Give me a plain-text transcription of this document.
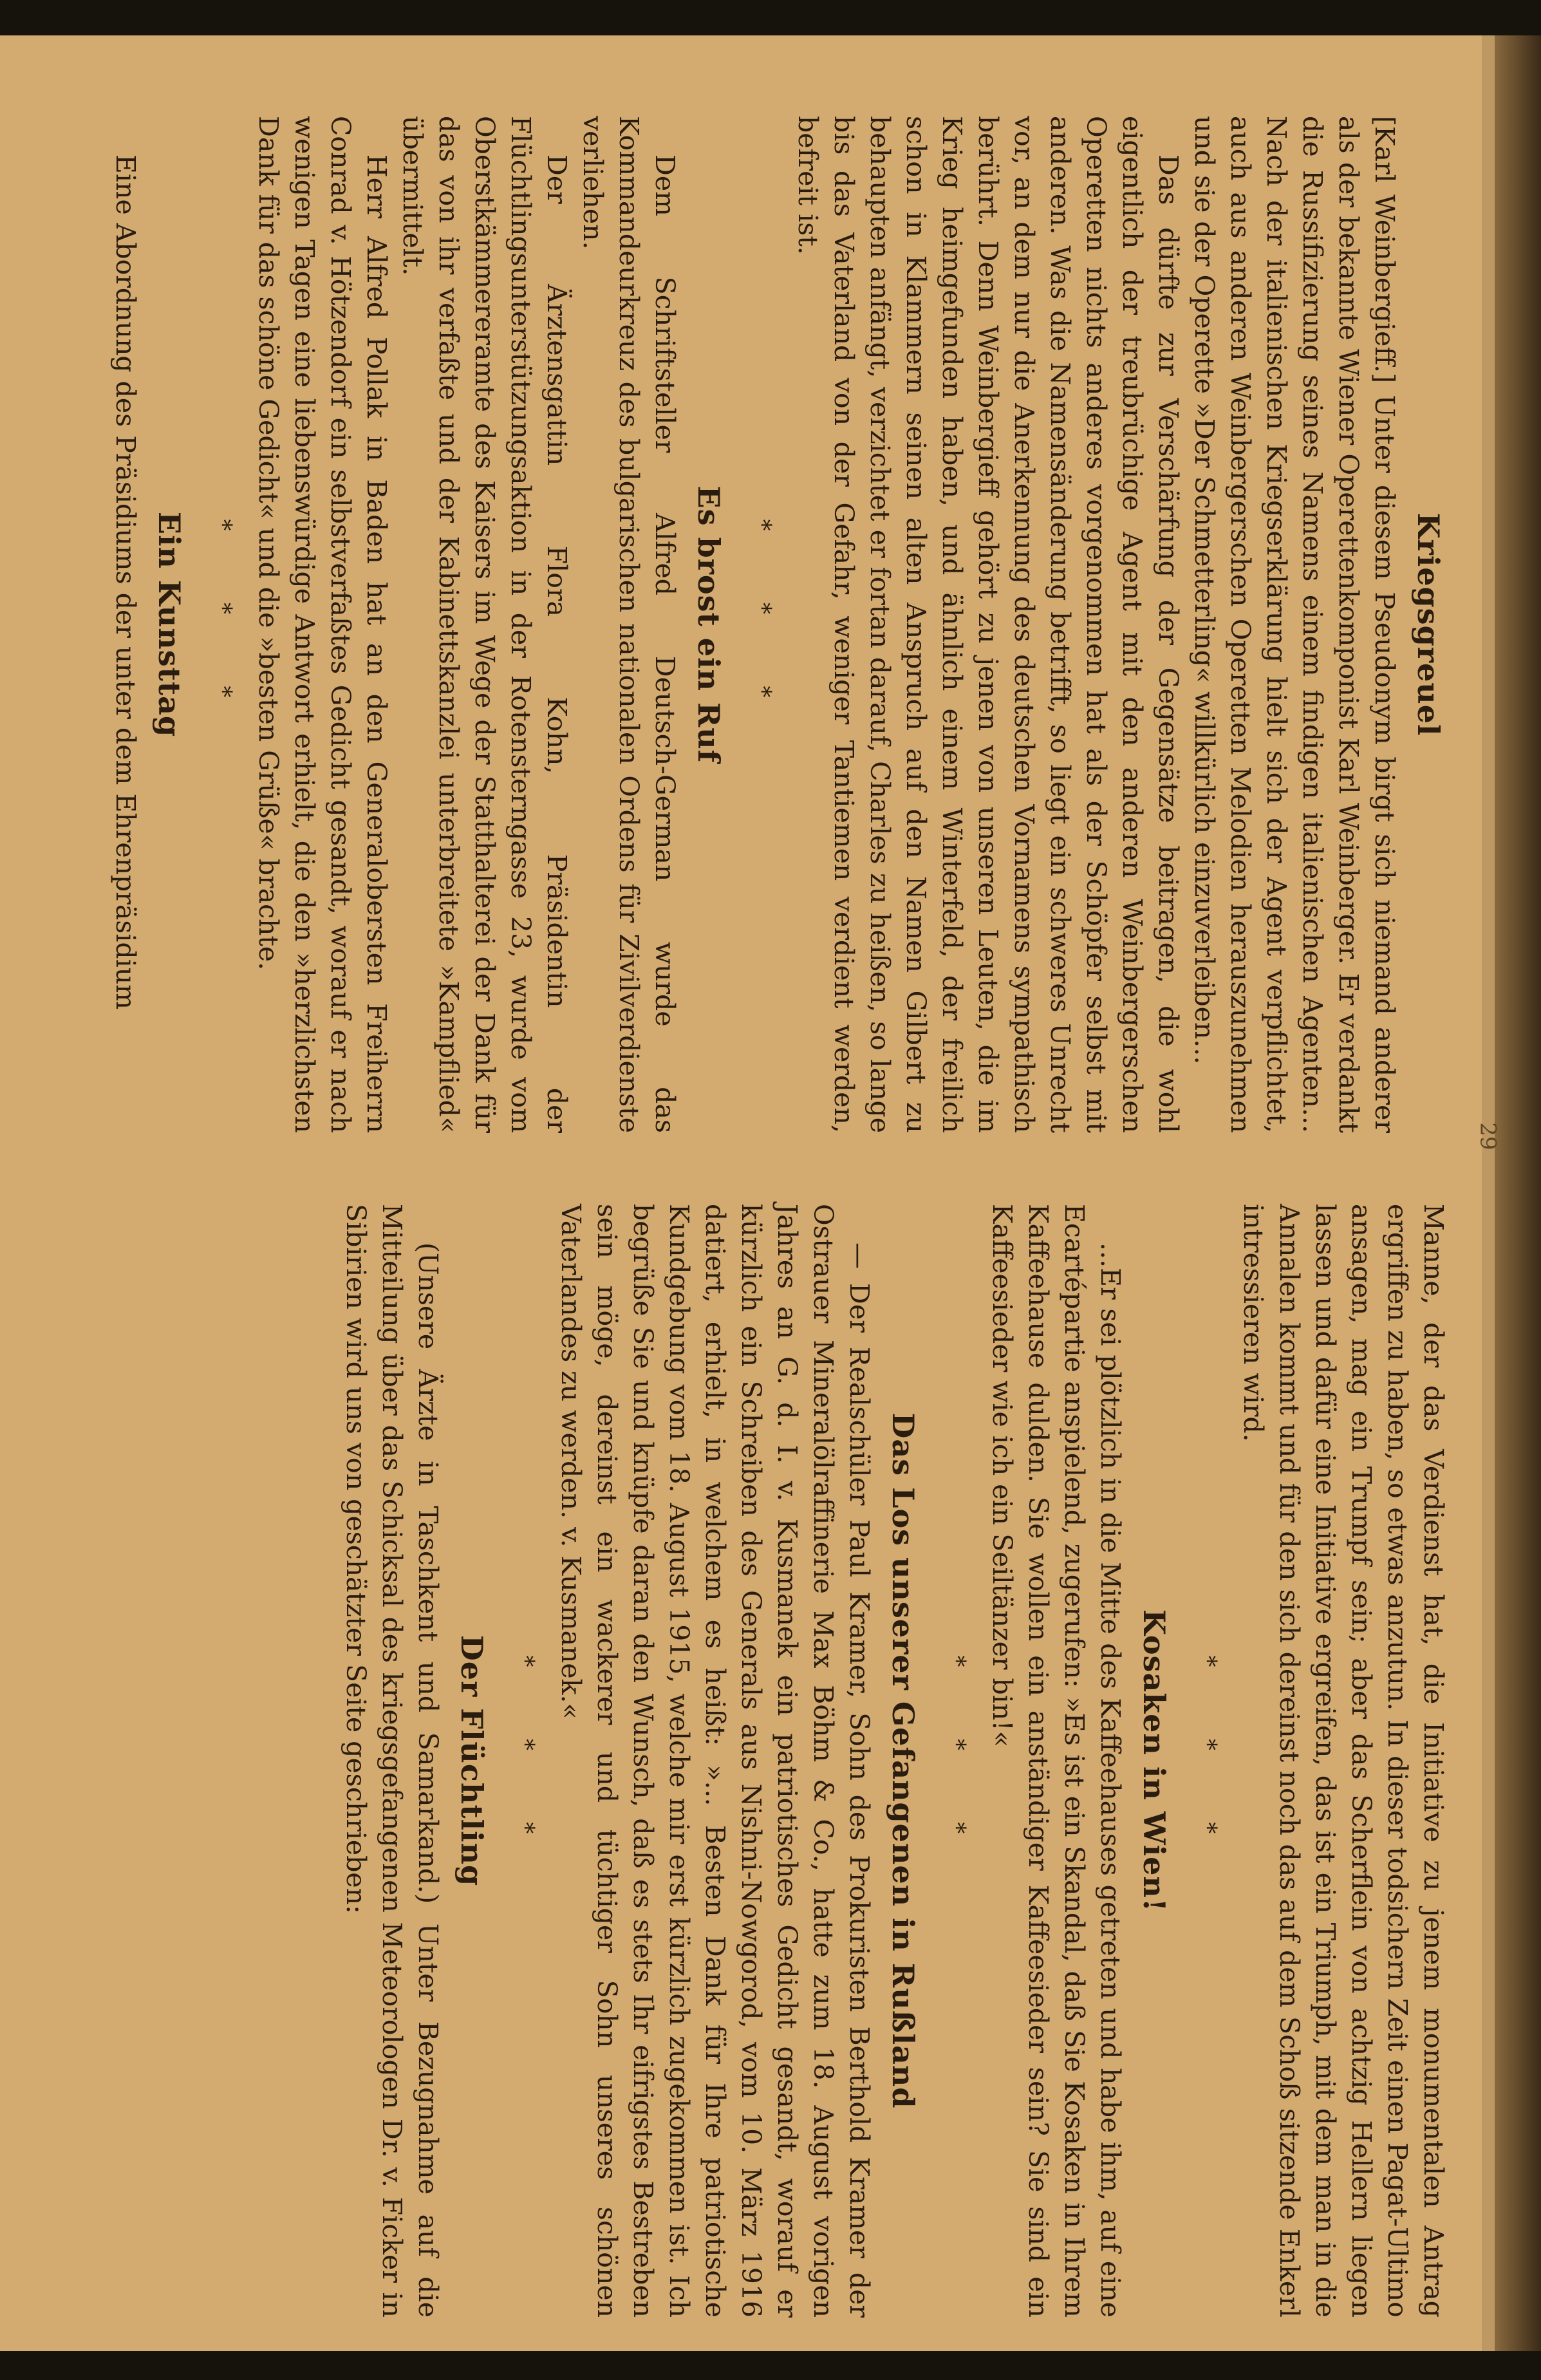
29
Kriegsgreuel

[Karl Weinbergieff.] Unter diesem Pseudonym birgt sich niemand anderer als der bekannte Wiener Operettenkomponist Karl Weinberger. Er verdankt die Russifizierung seines Namens einem findigen italienischen Agenten... Nach der italienischen Kriegserklärung hielt sich der Agent verpflichtet, auch aus anderen Weinbergerschen Operetten Melodien herauszunehmen und sie der Operette »Der Schmetterling« willkürlich einzuverleiben...

Das dürfte zur Verschärfung der Gegensätze beitragen, die wohl eigentlich der treubrüchige Agent mit den anderen Weinbergerschen Operetten nichts anderes vorgenommen hat als der Schöpfer selbst mit anderen. Was die Namensänderung betrifft, so liegt ein schweres Unrecht vor, an dem nur die Anerkennung des deutschen Vornamens sympathisch berührt. Denn Weinbergieff gehört zu jenen von unseren Leuten, die im Krieg heimgefunden haben, und ähnlich einem Winterfeld, der freilich schon in Klammern seinen alten Anspruch auf den Namen Gilbert zu behaupten anfängt, verzichtet er fortan darauf, Charles zu heißen, so lange bis das Vaterland von der Gefahr, weniger Tantiemen verdient werden, befreit ist.

* * *
Es brost ein Ruf

Dem Schriftsteller Alfred Deutsch-German wurde das Kommandeurkreuz des bulgarischen nationalen Ordens für Zivilverdienste verliehen.

Der Ärztensgattin Flora Kohn, Präsidentin der Flüchtlingsunterstützungsaktion in der Rotensterngasse 23, wurde vom Oberstkämmereramte des Kaisers im Wege der Statthalterei der Dank für das von ihr verfaßte und der Kabinettskanzlei unterbreitete »Kampflied« übermittelt.

Herr Alfred Pollak in Baden hat an den Generalobersten Freiherrn Conrad v. Hötzendorf ein selbstverfaßtes Gedicht gesandt, worauf er nach wenigen Tagen eine liebenswürdige Antwort erhielt, die den »herzlichsten Dank für das schöne Gedicht« und die »besten Grüße« brachte.

* * *
Ein Kunsttag

Eine Abordnung des Präsidiums der unter dem Ehrenpräsidium

Manne, der das Verdienst hat, die Initiative zu jenem monumentalen Antrag ergriffen zu haben, so etwas anzutun. In dieser todsichern Zeit einen Pagat-Ultimo ansagen, mag ein Trumpf sein; aber das Scherflein von achtzig Hellern liegen lassen und dafür eine Initiative ergreifen, das ist ein Triumph, mit dem man in die Annalen kommt und für den sich dereinst noch das auf dem Schoß sitzende Enkerl intressieren wird.

* * *
Kosaken in Wien!

...Er sei plötzlich in die Mitte des Kaffeehauses getreten und habe ihm, auf eine Ecartépartie anspielend, zugerufen: »Es ist ein Skandal, daß Sie Kosaken in Ihrem Kaffeehause dulden. Sie wollen ein anständiger Kaffeesieder sein? Sie sind ein Kaffeesieder wie ich ein Seiltänzer bin!«

* * *
Das Los unserer Gefangenen in Rußland

— Der Realschüler Paul Kramer, Sohn des Prokuristen Berthold Kramer der Ostrauer Mineralölraffinerie Max Böhm & Co., hatte zum 18. August vorigen Jahres an G. d. I. v. Kusmanek ein patriotisches Gedicht gesandt, worauf er kürzlich ein Schreiben des Generals aus Nishni-Nowgorod, vom 10. März 1916 datiert, erhielt, in welchem es heißt: »... Besten Dank für Ihre patriotische Kundgebung vom 18. August 1915, welche mir erst kürzlich zugekommen ist. Ich begrüße Sie und knüpfe daran den Wunsch, daß es stets Ihr eifrigstes Bestreben sein möge, dereinst ein wackerer und tüchtiger Sohn unseres schönen Vaterlandes zu werden. v. Kusmanek.«

* * *
Der Flüchtling

(Unsere Ärzte in Taschkent und Samarkand.) Unter Bezugnahme auf die Mitteilung über das Schicksal des kriegsgefangenen Meteorologen Dr. v. Ficker in Sibirien wird uns von geschätzter Seite geschrieben:
